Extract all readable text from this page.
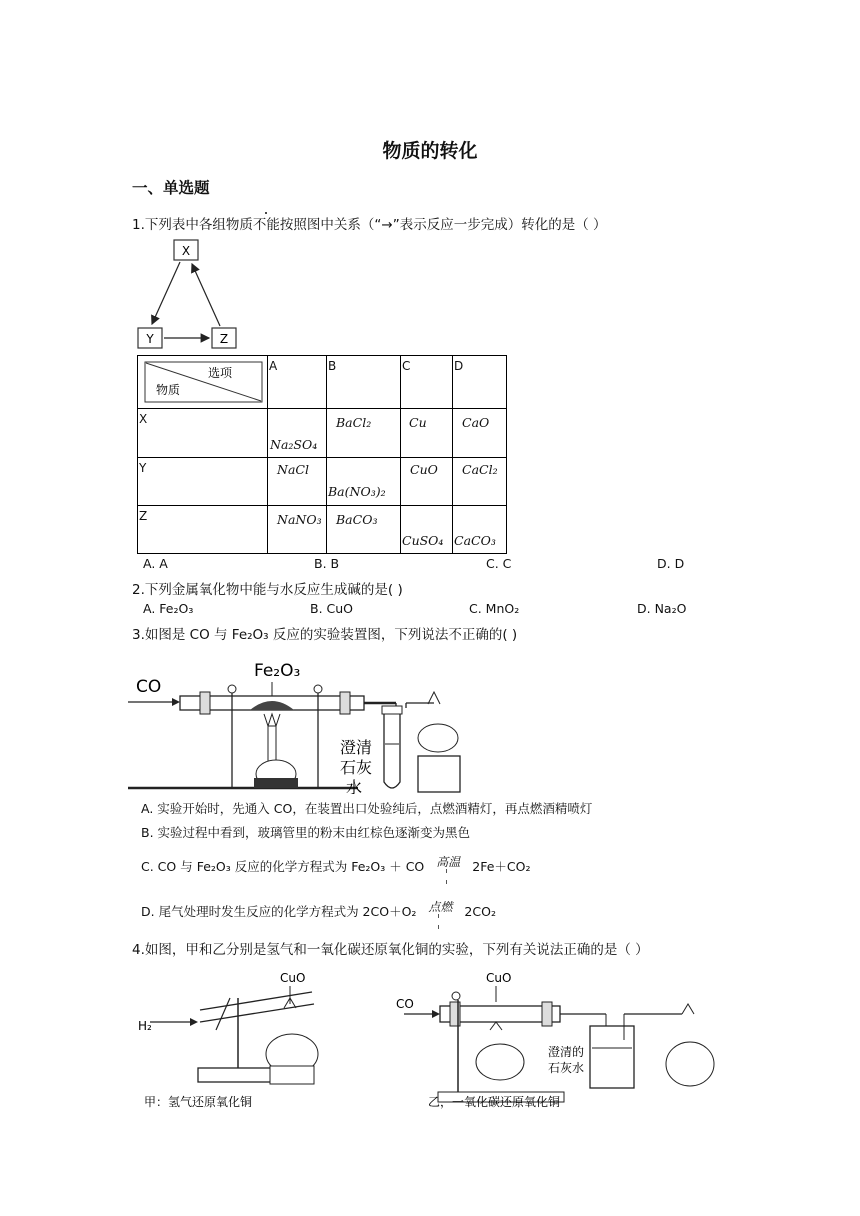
物质的转化
一、单选题
1.下列表中各组物质不能按照图中关系（“→”表示反应一步完成）转化的是（ ）
X
Y	Z
选项
物质	A	B	C	D

X	Na₂SO₄	BaCl₂	Cu	CaO

Y	NaCl	Ba(NO₃)₂	CuO	CaCl₂

Z	NaNO₃	BaCO₃	CuSO₄	CaCO₃
A. A	B. B	C. C	D. D
2.下列金属氧化物中能与水反应生成碱的是( )
A. Fe₂O₃	B. CuO	C. MnO₂	D. Na₂O
3.如图是 CO 与 Fe₂O₃ 反应的实验装置图，下列说法不正确的( )
CO
Fe₂O₃
澄清
石灰
水
A. 实验开始时，先通入 CO，在装置出口处验纯后，点燃酒精灯，再点燃酒精喷灯
B. 实验过程中看到，玻璃管里的粉末由红棕色逐渐变为黑色
C. CO 与 Fe₂O₃ 反应的化学方程式为 Fe₂O₃ ＋ CO 高温 2Fe＋CO₂
D. 尾气处理时发生反应的化学方程式为 2CO＋O₂ 点燃 2CO₂
4.如图，甲和乙分别是氢气和一氧化碳还原氧化铜的实验，下列有关说法正确的是（ ）
CuO
H₂
甲：氢气还原氧化铜
CuO
CO
澄清的
石灰水
乙，一氧化碳还原氧化铜
